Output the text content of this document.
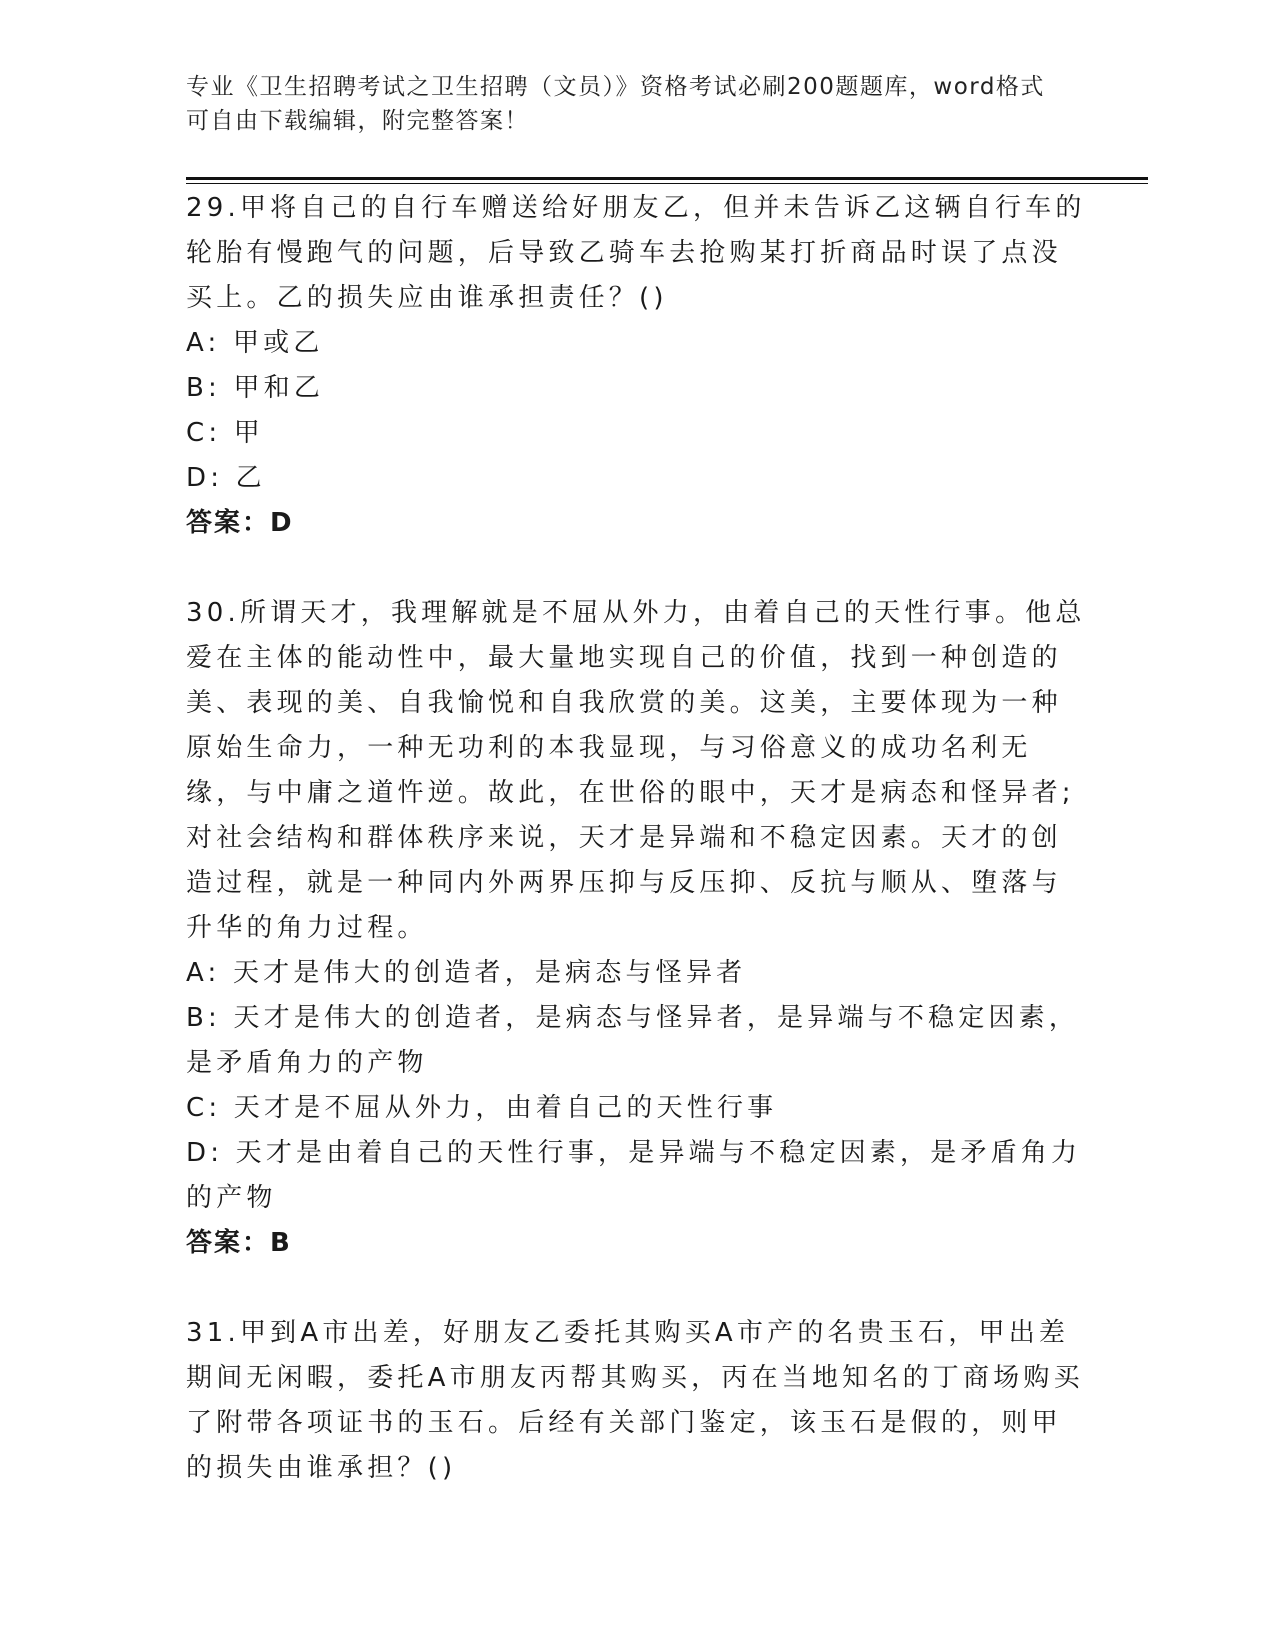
专业《卫生招聘考试之卫生招聘（文员）》资格考试必刷200题题库，word格式可自由下载编辑，附完整答案！

29.甲将自己的自行车赠送给好朋友乙，但并未告诉乙这辆自行车的轮胎有慢跑气的问题，后导致乙骑车去抢购某打折商品时误了点没买上。乙的损失应由谁承担责任？()

A: 甲或乙

B: 甲和乙

C: 甲

D: 乙

答案：D

30.所谓天才，我理解就是不屈从外力，由着自己的天性行事。他总爱在主体的能动性中，最大量地实现自己的价值，找到一种创造的美、表现的美、自我愉悦和自我欣赏的美。这美，主要体现为一种原始生命力，一种无功利的本我显现，与习俗意义的成功名利无缘，与中庸之道忤逆。故此，在世俗的眼中，天才是病态和怪异者;对社会结构和群体秩序来说，天才是异端和不稳定因素。天才的创造过程，就是一种同内外两界压抑与反压抑、反抗与顺从、堕落与升华的角力过程。

A: 天才是伟大的创造者，是病态与怪异者

B: 天才是伟大的创造者，是病态与怪异者，是异端与不稳定因素，是矛盾角力的产物

C: 天才是不屈从外力，由着自己的天性行事

D: 天才是由着自己的天性行事，是异端与不稳定因素，是矛盾角力的产物

答案：B

31.甲到A市出差，好朋友乙委托其购买A市产的名贵玉石，甲出差期间无闲暇，委托A市朋友丙帮其购买，丙在当地知名的丁商场购买了附带各项证书的玉石。后经有关部门鉴定，该玉石是假的，则甲的损失由谁承担？()
